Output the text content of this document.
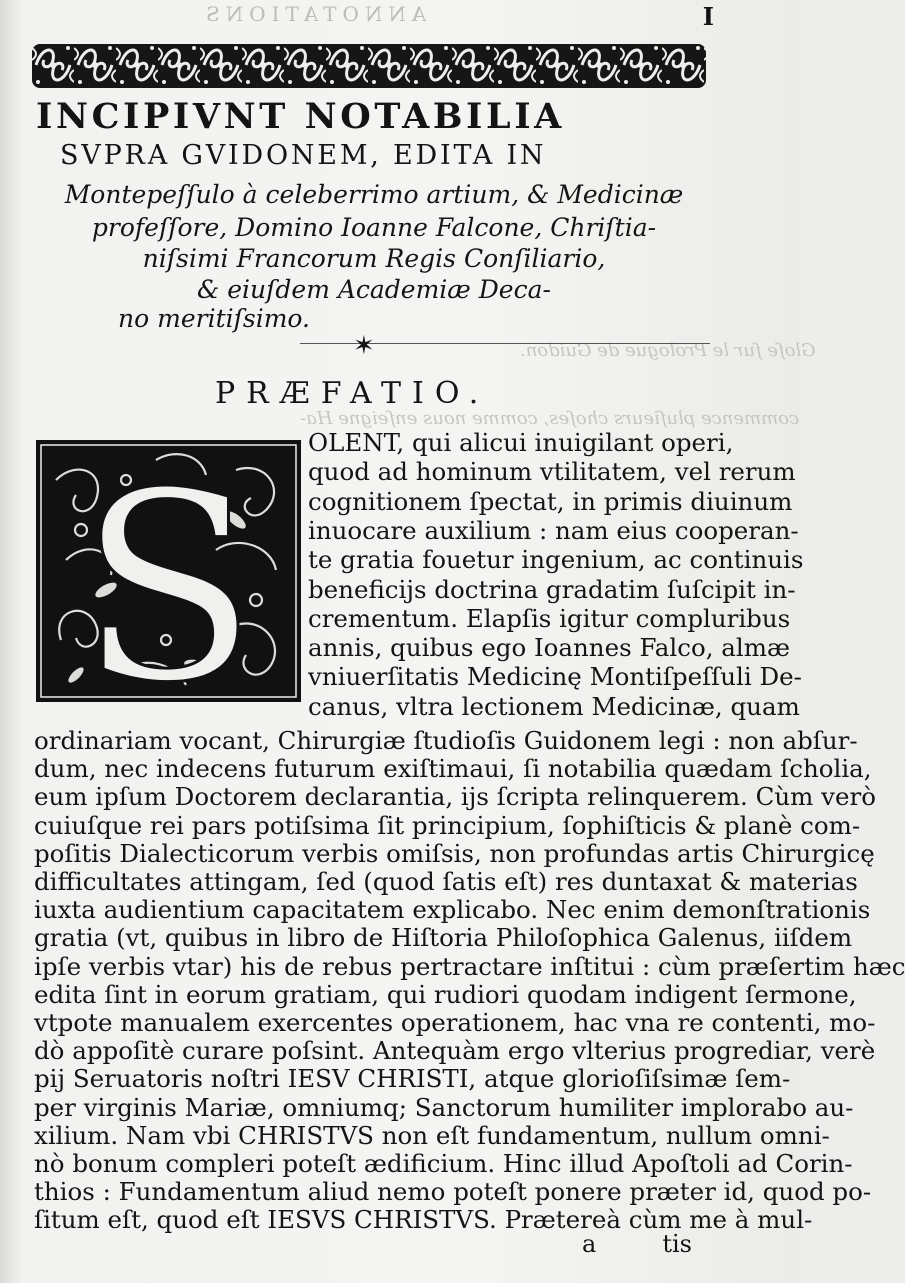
ANNOTATIONS
Gloſe ſur le Prologue de Guidon.
commence pluſieurs choſes, comme nous enſeigne Ha-
I
INCIPIVNT NOTABILIA
SVPRA GVIDONEM, EDITA IN
Montepeſſulo à celeberrimo artium, & Medicinæ
profeſſore, Domino Ioanne Falcone, Chriſtia-
niſsimi Francorum Regis Conſiliario,
& eiuſdem Academiæ Deca-
no meritiſsimo.
✶
PRÆFATIO.
S OLENT, qui alicui inuigilant operi,
quod ad hominum vtilitatem, vel rerum
cognitionem ſpectat, in primis diuinum
inuocare auxilium : nam eius cooperan-
te gratia fouetur ingenium, ac continuis
beneficijs doctrina gradatim ſuſcipit in-
crementum. Elapſis igitur compluribus
annis, quibus ego Ioannes Falco, almæ
vniuerſitatis Medicinę Montiſpeſſuli De-
canus, vltra lectionem Medicinæ, quam
ordinariam vocant, Chirurgiæ ſtudioſis Guidonem legi : non abſur-
dum, nec indecens futurum exiſtimaui, ſi notabilia quædam ſcholia,
eum ipſum Doctorem declarantia, ijs ſcripta relinquerem. Cùm verò
cuiuſque rei pars potiſsima ſit principium, ſophiſticis & planè com-
poſitis Dialecticorum verbis omiſsis, non profundas artis Chirurgicę
difficultates attingam, ſed (quod ſatis eſt) res duntaxat & materias
iuxta audientium capacitatem explicabo. Nec enim demonſtrationis
gratia (vt, quibus in libro de Hiſtoria Philoſophica Galenus, iiſdem
ipſe verbis vtar) his de rebus pertractare inſtitui : cùm præſertim hæc
edita ſint in eorum gratiam, qui rudiori quodam indigent ſermone,
vtpote manualem exercentes operationem, hac vna re contenti, mo-
dò appoſitè curare poſsint. Antequàm ergo vlterius progrediar, verè
pij Seruatoris noſtri IESV CHRISTI, atque glorioſiſsimæ ſem-
per virginis Mariæ, omniumq; Sanctorum humiliter implorabo au-
xilium. Nam vbi CHRISTVS non eſt fundamentum, nullum omni-
nò bonum compleri poteſt ædificium. Hinc illud Apoſtoli ad Corin-
thios : Fundamentum aliud nemo poteſt ponere præter id, quod po-
ſitum eſt, quod eſt IESVS CHRISTVS. Prætereà cùm me à mul-
a	tis
